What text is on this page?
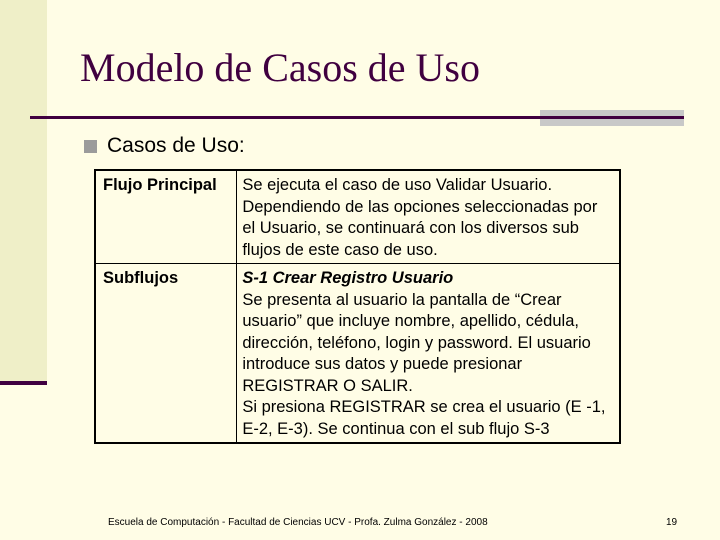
Modelo de Casos de Uso
Casos de Uso:
Flujo Principal	Se ejecuta el caso de uso Validar Usuario. Dependiendo de las opciones seleccionadas por el Usuario, se continuará con los diversos sub flujos de este caso de uso.
Subflujos	S-1 Crear Registro Usuario
Se presenta al usuario la pantalla de “Crear usuario” que incluye nombre, apellido, cédula, dirección, teléfono, login y password. El usuario introduce sus datos y puede presionar REGISTRAR O SALIR.
Si presiona REGISTRAR se crea el usuario (E -1, E-2, E-3). Se continua con el sub flujo S-3
Escuela de Computación - Facultad de Ciencias UCV - Profa. Zulma González - 2008	19
